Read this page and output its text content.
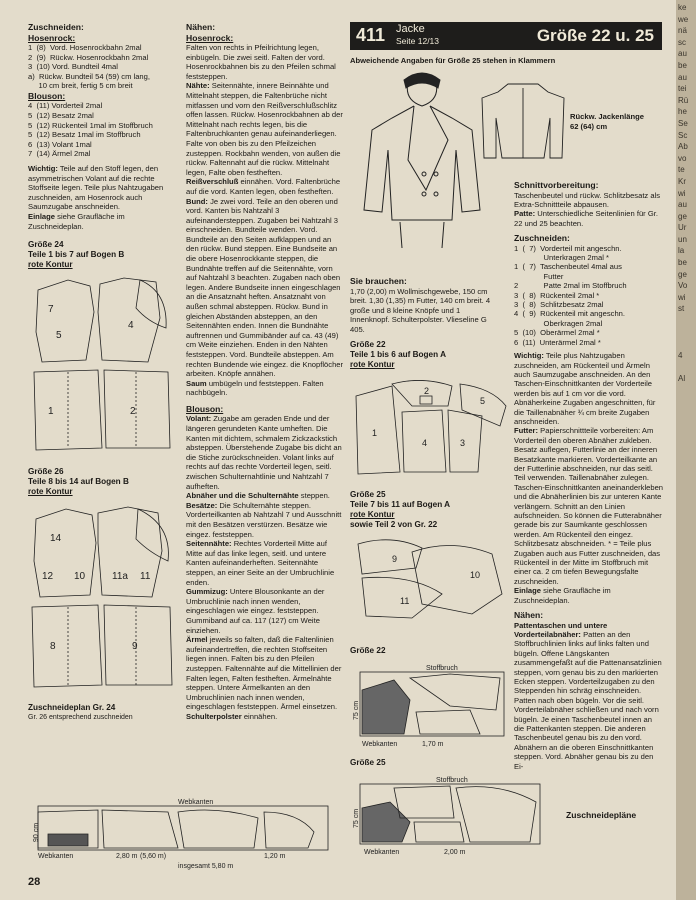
Zuschneiden:
Hosenrock:
1  (8)  Vord. Hosenrockbahn 2mal
2  (9)  Rückw. Hosenrockbahn 2mal
3  (10) Vord. Bundteil 4mal
a)  Rückw. Bundteil 54 (59) cm lang,
10 cm breit, fertig 5 cm breit
Blouson:
4  (11) Vorderteil 2mal
5  (12) Besatz 2mal
5  (12) Rückenteil 1mal im Stoffbruch
5  (12) Besatz 1mal im Stoffbruch
6  (13) Volant 1mal
7  (14) Ärmel 2mal

Wichtig: Teile auf den Stoff legen, den asymmetrischen Volant auf die rechte Stoffseite legen. Teile plus Nahtzugaben zuschneiden, am Hosenrock auch Saumzugabe anschneiden.

Einlage siehe Graufläche im Zuschneideplan.

Größe 24
Teile 1 bis 7 auf Bogen B
rote Kontur
7
5
4
1	2
Größe 26
Teile 8 bis 14 auf Bogen B
rote Kontur
14
12 10	11a 11
8	9
Zuschneideplan Gr. 24
Gr. 26 entsprechend zuschneiden
Webkanten
Webkanten	2,80 m (5,60 m)	1,20 m
insgesamt 5,80 m
90 cm
Nähen:
Hosenrock:

Falten von rechts in Pfeilrichtung legen, einbügeln. Die zwei seitl. Falten der vord. Hosenrockbahnen bis zu den Pfeilen schmal feststeppen.

Nähte: Seitennähte, innere Beinnähte und Mittelnaht steppen, die Faltenbrüche nicht mitfassen und vorn den Reißverschlußschlitz offen lassen. Rückw. Hosenrockbahnen ab der Mittelnaht nach rechts legen, bis die Faltenbruchkanten genau aufeinanderliegen. Falte von oben bis zu den Pfeilzeichen zusteppen. Rockbahn wenden, von außen die rückw. Faltennaht auf die rückw. Mittelnaht legen, Falte oben festheften.

Reißverschluß einnähen. Vord. Faltenbrüche auf die vord. Kanten legen, oben festheften.

Bund: Je zwei vord. Teile an den oberen und vord. Kanten bis Nahtzahl 3 aufeinandersteppen. Zugaben bei Nahtzahl 3 einschneiden. Bundteile wenden. Vord. Bundteile an den Seiten aufklappen und an den rückw. Bund steppen. Eine Bundseite an die obere Hosenrockkante steppen, die Bundnähte treffen auf die Seitennähte, vorn auf Nahtzahl 3 beachten. Zugaben nach oben legen. Andere Bundseite innen eingeschlagen an die Ansatznaht heften. Ansatznaht von außen schmal absteppen. Rückw. Bund in gleichen Abständen absteppen, an den Seitennähten enden. Innen die Bundnähte auftrennen und Gummibänder auf ca. 43 (49) cm Weite einziehen. Enden in den Nähten feststeppen. Vord. Bundteile absteppen. Am rechten Bundende wie eingez. die Knopflöcher arbeiten. Knöpfe annähen.

Saum umbügeln und feststeppen. Falten nachbügeln.

Blouson:

Volant: Zugabe am geraden Ende und der längeren gerundeten Kante umheften. Die Kanten mit dichtem, schmalem Zickzackstich absteppen. Überstehende Zugabe bis dicht an die Stiche zurückschneiden. Volant links auf rechts auf das rechte Vorderteil legen, seitl. zwischen Schulternahtlinie und Nahtzahl 7 aufheften.

Abnäher und die Schulternähte steppen.

Besätze: Die Schulternähte steppen. Vorderteilkanten ab Nahtzahl 7 und Ausschnitt mit den Besätzen verstürzen. Besätze wie eingez. feststeppen.

Seitennähte: Rechtes Vorderteil Mitte auf Mitte auf das linke legen, seitl. und untere Kanten aufeinanderheften. Seitennähte steppen, an einer Seite an der Umbruchlinie enden.

Gummizug: Untere Blousonkante an der Umbruchlinie nach innen wenden, eingeschlagen wie eingez. feststeppen. Gummiband auf ca. 117 (127) cm Weite einziehen.

Ärmel jeweils so falten, daß die Faltenlinien aufeinandertreffen, die rechten Stoffseiten liegen innen. Falten bis zu den Pfeilen zusteppen. Faltennähte auf die Mittellinien der Falten legen, Falten festheften. Ärmelnähte steppen. Untere Ärmelkanten an den Umbruchlinien nach innen wenden, eingeschlagen feststeppen. Ärmel einsetzen.

Schulterpolster einnähen.

411 Jacke
Seite 12/13	Größe 22 u. 25
Abweichende Angaben für Größe 25 stehen in Klammern
Rückw. Jackenlänge
62 (64) cm
Sie brauchen:

1,70 (2,00) m Wollmischgewebe, 150 cm breit. 1,30 (1,35) m Futter, 140 cm breit. 4 große und 8 kleine Knöpfe und 1 Innenknopf. Schulterpolster. Vlieseline G 405.

Größe 22
Teile 1 bis 6 auf Bogen A
rote Kontur
1
4	3
5
2
Größe 25
Teile 7 bis 11 auf Bogen A
rote Kontur
sowie Teil 2 von Gr. 22
9
10
11
Größe 22
Stoffbruch
Webkanten	1,70 m
75 cm
Größe 25
Stoffbruch
Webkanten	2,00 m
75 cm
Schnittvorbereitung:

Taschenbeutel und rückw. Schlitzbesatz als Extra-Schnittteile abpausen.

Patte: Unterschiedliche Seitenlinien für Gr. 22 und 25 beachten.

Zuschneiden:
1  (  7)  Vorderteil mit angeschn.
Unterkragen 2mal *
1  (  7)  Taschenbeutel 4mal aus
Futter
2            Patte 2mal im Stoffbruch
3  (  8)  Rückenteil 2mal *
3  (  8)  Schlitzbesatz 2mal
4  (  9)  Rückenteil mit angeschn.
Oberkragen 2mal
5  (10)  Oberärmel 2mal *
6  (11)  Unterärmel 2mal *

Wichtig: Teile plus Nahtzugaben zuschneiden, am Rückenteil und Ärmeln auch Saumzugabe anschneiden. An den Taschen-Einschnittkanten der Vorderteile werden bis auf 1 cm vor die vord. Abnäherkeine Zugaben angeschnitten, für die Taillenabnäher ¾ cm breite Zugaben anschneiden.

Futter: Papierschnittteile vorbereiten: Am Vorderteil den oberen Abnäher zukleben. Besatz auflegen, Futterlinie an der inneren Besatzkante markieren. Vorderteilkante an der Futterlinie abschneiden, nur das seitl. Teil verwenden. Taillenabnäher zulegen. Taschen-Einschnittkanten aneinanderkleben und die Abnäherlinien bis zur unteren Kante verlängern. Schnitt an den Linien aufschneiden. So können die Futterabnäher gerade bis zur Saumkante geschlossen werden. Am Rückenteil den eingez. Schlitzbesatz abschneiden. * = Teile plus Zugaben auch aus Futter zuschneiden, das Rückenteil in der Mitte im Stoffbruch mit einer ca. 2 cm tiefen Bewegungsfalte zuschneiden.

Einlage siehe Graufläche im Zuschneideplan.

Nähen:

Pattentaschen und untere Vorderteilabnäher: Patten an den Stoffbruchlinien links auf links falten und bügeln. Offene Längskanten zusammengefaßt auf die Pattenansatzlinien steppen, vorn genau bis zu den markierten Ecken steppen. Vorderteilzugaben zu den Steppenden hin schräg einschneiden. Patten nach oben bügeln. Vor die seitl. Vorderteilabnäher schließen und nach vorn bügeln. Je einen Taschenbeutel innen an die Pattenkanten steppen. Die anderen Taschenbeutel genau bis zu den vord. Abnähern an die oberen Einschnittkanten steppen. Vord. Abnäher genau bis zu den Ei-

Zuschneidepläne
28
ke
we
nä
sc
au
be
au
tei
Rü
he
Se
Sc
Ab
vo
te
Kr
wi
au
ge
Ur
un
la
be
ge
Vo
wi
st

4

Al
